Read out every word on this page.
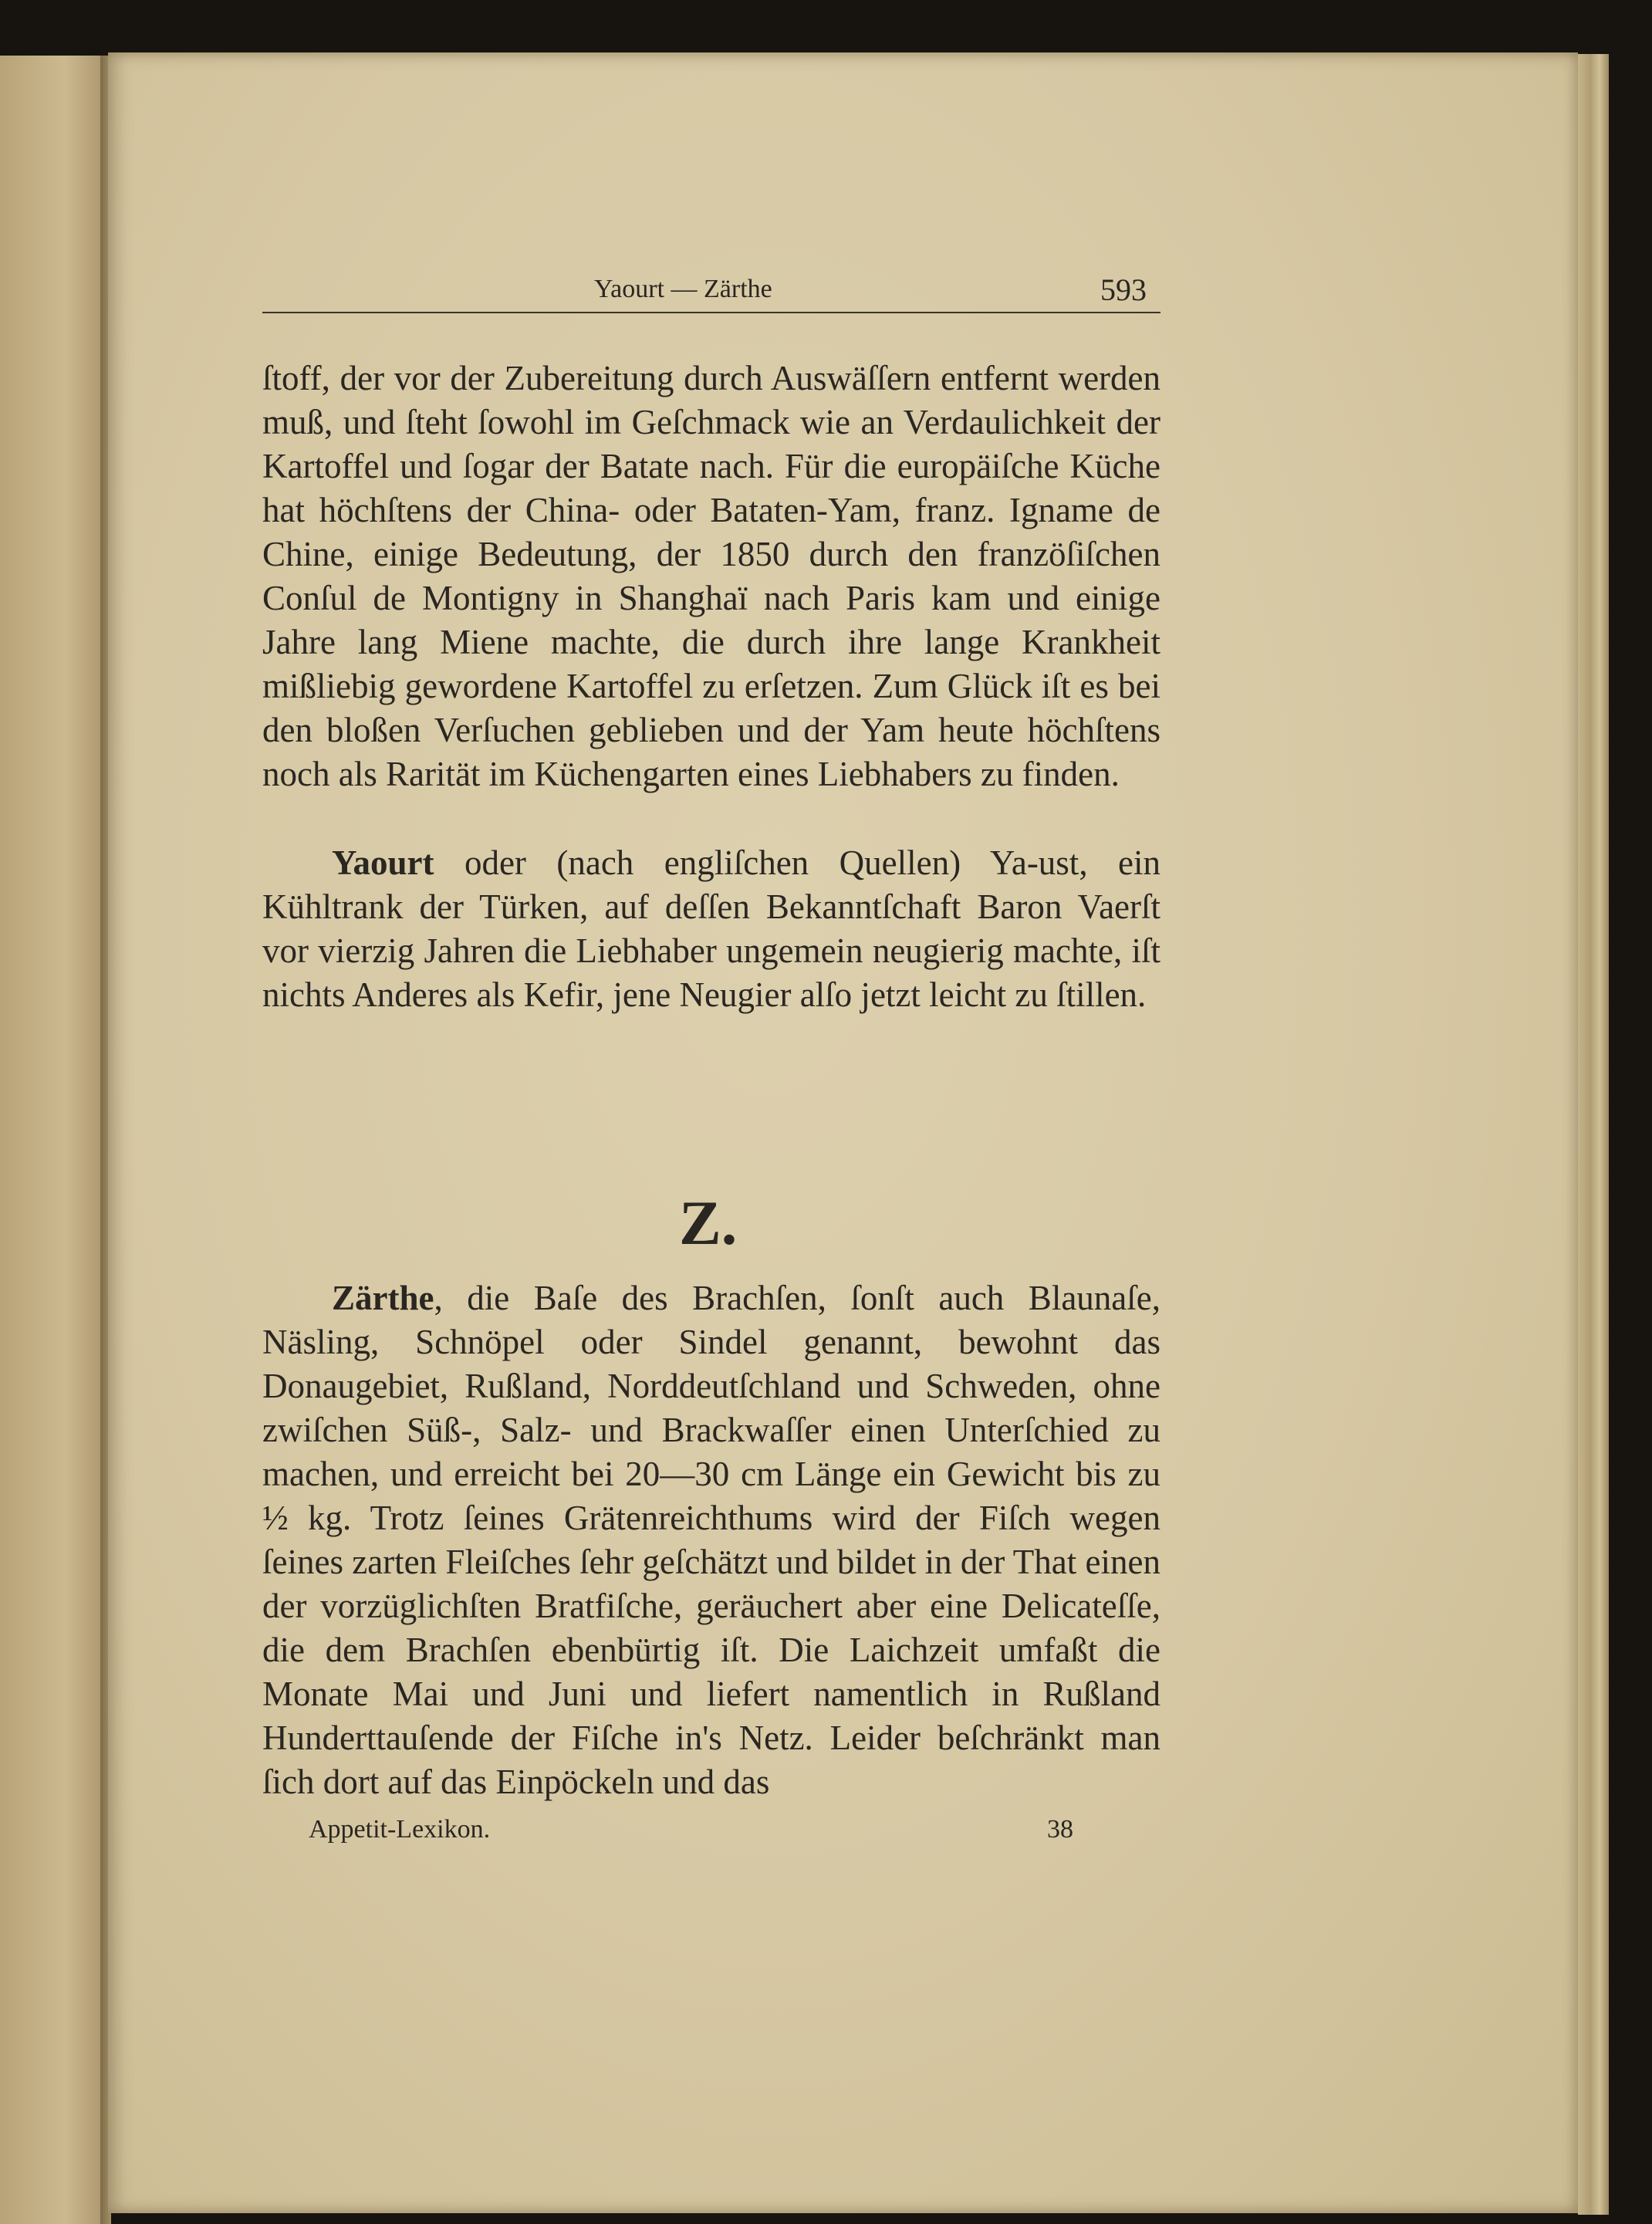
Yaourt — Zärthe	593

ſtoff, der vor der Zubereitung durch Auswäſſern entfernt werden muß, und ſteht ſowohl im Geſchmack wie an Verdaulichkeit der Kartoffel und ſogar der Batate nach. Für die europäiſche Küche hat höchſtens der China- oder Bataten-Yam, franz. Igname de Chine, einige Bedeutung, der 1850 durch den franzöſiſchen Conſul de Montigny in Shanghaï nach Paris kam und einige Jahre lang Miene machte, die durch ihre lange Krankheit mißliebig gewordene Kartoffel zu erſetzen. Zum Glück iſt es bei den bloßen Verſuchen geblieben und der Yam heute höchſtens noch als Rarität im Küchengarten eines Liebhabers zu finden.

Yaourt oder (nach engliſchen Quellen) Ya-ust, ein Kühltrank der Türken, auf deſſen Bekanntſchaft Baron Vaerſt vor vierzig Jahren die Liebhaber ungemein neugierig machte, iſt nichts Anderes als Kefir, jene Neugier alſo jetzt leicht zu ſtillen.

Z.

Zärthe, die Baſe des Brachſen, ſonſt auch Blaunaſe, Näsling, Schnöpel oder Sindel genannt, bewohnt das Donaugebiet, Rußland, Norddeutſchland und Schweden, ohne zwiſchen Süß-, Salz- und Brackwaſſer einen Unterſchied zu machen, und erreicht bei 20—30 cm Länge ein Gewicht bis zu ½ kg. Trotz ſeines Grätenreichthums wird der Fiſch wegen ſeines zarten Fleiſches ſehr geſchätzt und bildet in der That einen der vorzüglichſten Bratfiſche, geräuchert aber eine Delicateſſe, die dem Brachſen ebenbürtig iſt. Die Laichzeit umfaßt die Monate Mai und Juni und liefert namentlich in Rußland Hunderttauſende der Fiſche in's Netz. Leider beſchränkt man ſich dort auf das Einpöckeln und das

Appetit-Lexikon.	38
